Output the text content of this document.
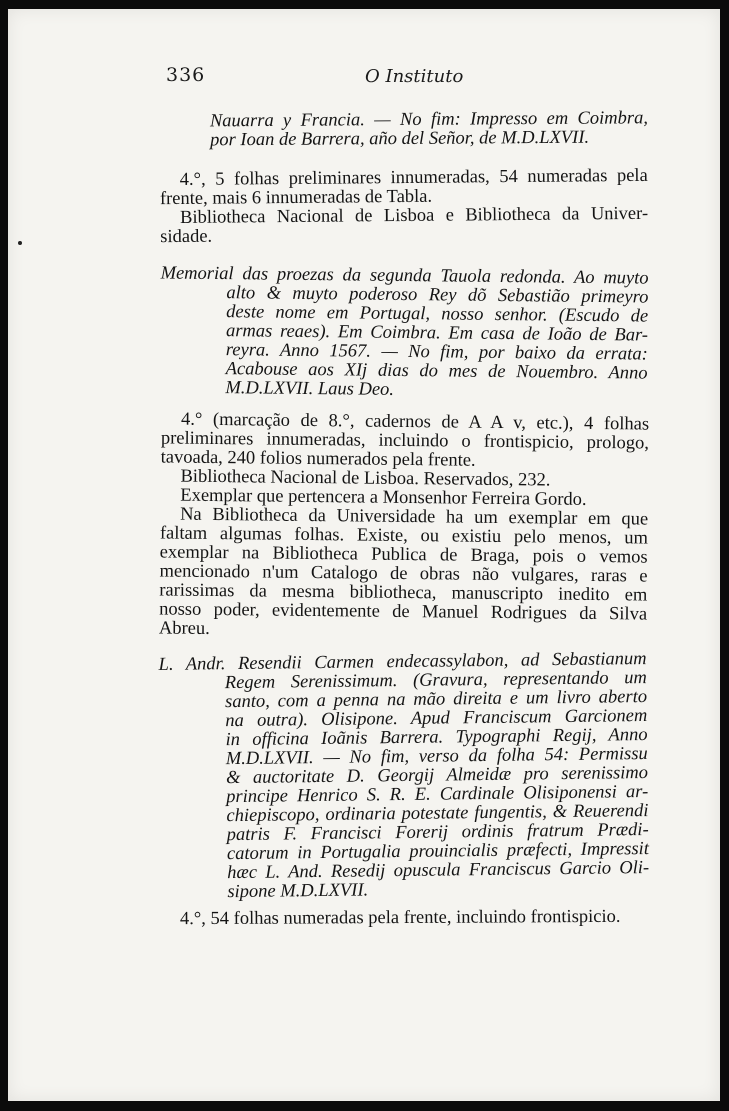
336	O Instituto
Nauarra y Francia. — No fim: Impresso em Coimbra,
por Ioan de Barrera, año del Señor, de M.D.LXVII.
4.°, 5 folhas preliminares innumeradas, 54 numeradas pela
frente, mais 6 innumeradas de Tabla.
Bibliotheca Nacional de Lisboa e Bibliotheca da Univer-
sidade.
Memorial das proezas da segunda Tauola redonda. Ao muyto
alto & muyto poderoso Rey dõ Sebastião primeyro
deste nome em Portugal, nosso senhor. (Escudo de
armas reaes). Em Coimbra. Em casa de Ioão de Bar-
reyra. Anno 1567. — No fim, por baixo da errata:
Acabouse aos XIj dias do mes de Nouembro. Anno
M.D.LXVII. Laus Deo.
4.° (marcação de 8.°, cadernos de A A v, etc.), 4 folhas
preliminares innumeradas, incluindo o frontispicio, prologo,
tavoada, 240 folios numerados pela frente.
Bibliotheca Nacional de Lisboa. Reservados, 232.
Exemplar que pertencera a Monsenhor Ferreira Gordo.
Na Bibliotheca da Universidade ha um exemplar em que
faltam algumas folhas. Existe, ou existiu pelo menos, um
exemplar na Bibliotheca Publica de Braga, pois o vemos
mencionado n'um Catalogo de obras não vulgares, raras e
rarissimas da mesma bibliotheca, manuscripto inedito em
nosso poder, evidentemente de Manuel Rodrigues da Silva
Abreu.
L. Andr. Resendii Carmen endecassylabon, ad Sebastianum
Regem Serenissimum. (Gravura, representando um
santo, com a penna na mão direita e um livro aberto
na outra). Olisipone. Apud Franciscum Garcionem
in officina Ioãnis Barrera. Typographi Regij, Anno
M.D.LXVII. — No fim, verso da folha 54: Permissu
& auctoritate D. Georgij Almeidæ pro serenissimo
principe Henrico S. R. E. Cardinale Olisiponensi ar-
chiepiscopo, ordinaria potestate fungentis, & Reuerendi
patris F. Francisci Forerij ordinis fratrum Prædi-
catorum in Portugalia prouincialis præfecti, Impressit
hæc L. And. Resedij opuscula Franciscus Garcio Oli-
sipone M.D.LXVII.
4.°, 54 folhas numeradas pela frente, incluindo frontispicio.
